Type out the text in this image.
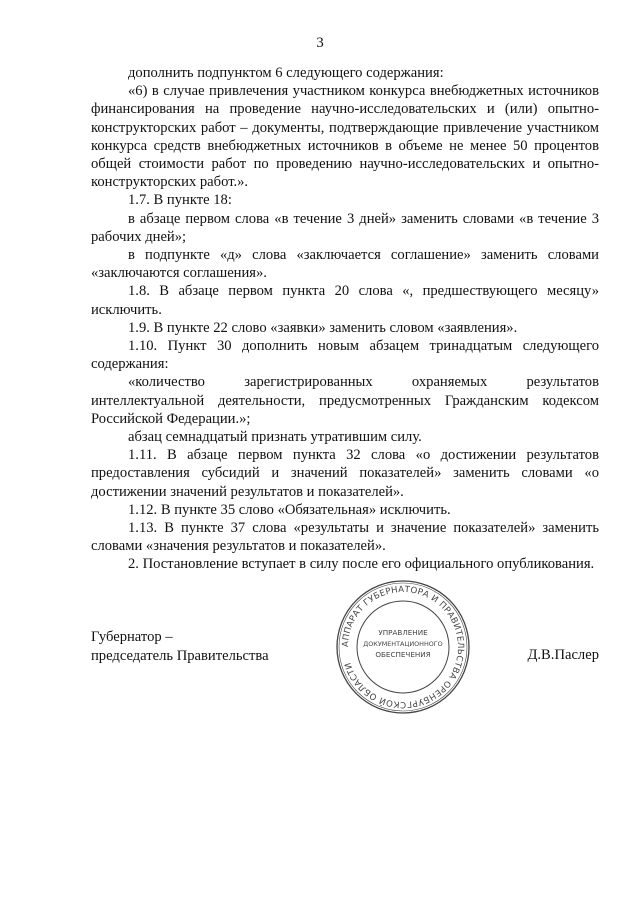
3

дополнить подпунктом 6 следующего содержания:

«6) в случае привлечения участником конкурса внебюджетных источников финансирования на проведение научно-исследовательских и (или) опытно-конструкторских работ – документы, подтверждающие привлечение участником конкурса средств внебюджетных источников в объеме не менее 50 процентов общей стоимости работ по проведению научно-исследовательских и опытно-конструкторских работ.».

1.7. В пункте 18:

в абзаце первом слова «в течение 3 дней» заменить словами «в течение 3 рабочих дней»;

в подпункте «д» слова «заключается соглашение» заменить словами «заключаются соглашения».

1.8. В абзаце первом пункта 20 слова «, предшествующего месяцу» исключить.

1.9. В пункте 22 слово «заявки» заменить словом «заявления».

1.10. Пункт 30 дополнить новым абзацем тринадцатым следующего содержания:

«количество зарегистрированных охраняемых результатов интеллектуальной деятельности, предусмотренных Гражданским кодексом Российской Федерации.»;

абзац семнадцатый признать утратившим силу.

1.11. В абзаце первом пункта 32 слова «о достижении результатов предоставления субсидий и значений показателей» заменить словами «о достижении значений результатов и показателей».

1.12. В пункте 35 слово «Обязательная» исключить.

1.13. В пункте 37 слова «результаты и значение показателей» заменить словами «значения результатов и показателей».

2. Постановление вступает в силу после его официального опубликования.

Губернатор –
председатель Правительства
АППАРАТ ГУБЕРНАТОРА И ПРАВИТЕЛЬСТВА ОРЕНБУРГСКОЙ ОБЛАСТИ
УПРАВЛЕНИЕ
ДОКУМЕНТАЦИОННОГО
ОБЕСПЕЧЕНИЯ	Д.В.Паслер
